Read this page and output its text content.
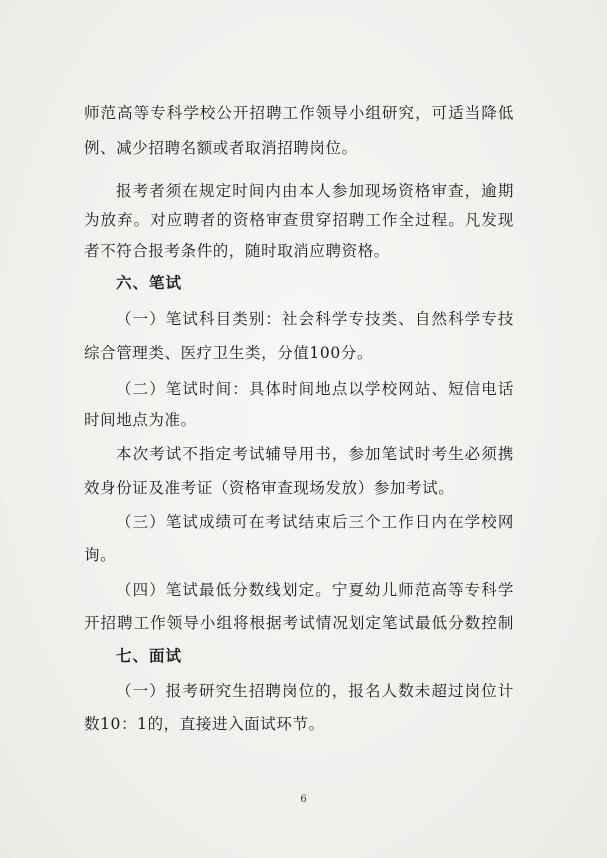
师范高等专科学校公开招聘工作领导小组研究，可适当降低
例、减少招聘名额或者取消招聘岗位。
报考者须在规定时间内由本人参加现场资格审查，逾期
为放弃。对应聘者的资格审查贯穿招聘工作全过程。凡发现
者不符合报考条件的，随时取消应聘资格。
六、笔试
（一）笔试科目类别：社会科学专技类、自然科学专技
综合管理类、医疗卫生类，分值100分。
（二）笔试时间：具体时间地点以学校网站、短信电话
时间地点为准。
本次考试不指定考试辅导用书，参加笔试时考生必须携
效身份证及准考证（资格审查现场发放）参加考试。
（三）笔试成绩可在考试结束后三个工作日内在学校网
询。
（四）笔试最低分数线划定。宁夏幼儿师范高等专科学
开招聘工作领导小组将根据考试情况划定笔试最低分数控制
七、面试
（一）报考研究生招聘岗位的，报名人数未超过岗位计
数10：1的，直接进入面试环节。
6
